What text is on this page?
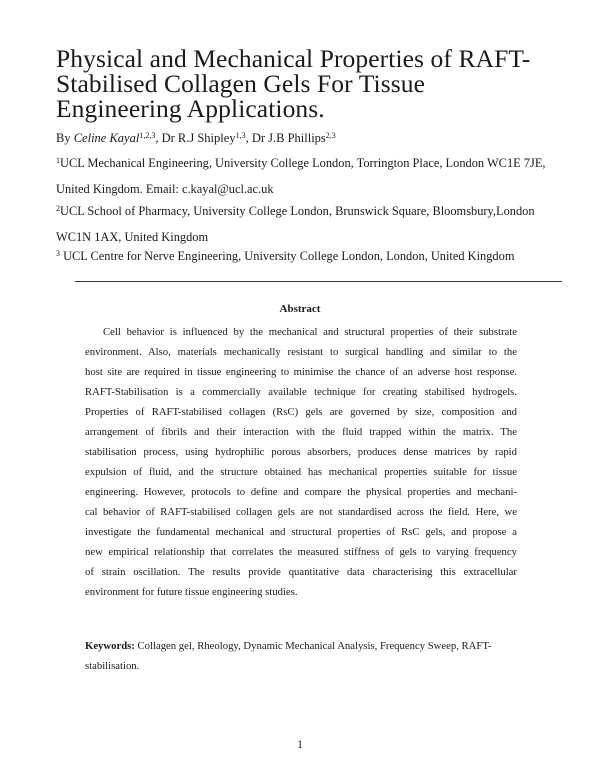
Physical and Mechanical Properties of RAFT-Stabilised Collagen Gels For Tissue Engineering Applications.
By Celine Kayal$^{1,2,3}$, Dr R.J Shipley$^{1,3}$, Dr J.B Phillips$^{2,3}$
$^1$UCL Mechanical Engineering, University College London, Torrington Place, London WC1E 7JE,
United Kingdom. Email: c.kayal@ucl.ac.uk
$^2$UCL School of Pharmacy, University College London, Brunswick Square, Bloomsbury,London
WC1N 1AX, United Kingdom
$^3$ UCL Centre for Nerve Engineering, University College London, London, United Kingdom
Abstract
Cell behavior is influenced by the mechanical and structural properties of their substrate
environment. Also, materials mechanically resistant to surgical handling and similar to the
host site are required in tissue engineering to minimise the chance of an adverse host response.
RAFT-Stabilisation is a commercially available technique for creating stabilised hydrogels.
Properties of RAFT-stabilised collagen (RsC) gels are governed by size, composition and
arrangement of fibrils and their interaction with the fluid trapped within the matrix. The
stabilisation process, using hydrophilic porous absorbers, produces dense matrices by rapid
expulsion of fluid, and the structure obtained has mechanical properties suitable for tissue
engineering. However, protocols to define and compare the physical properties and mechani-
cal behavior of RAFT-stabilised collagen gels are not standardised across the field. Here, we
investigate the fundamental mechanical and structural properties of RsC gels, and propose a
new empirical relationship that correlates the measured stiffness of gels to varying frequency
of strain oscillation. The results provide quantitative data characterising this extracellular
environment for future tissue engineering studies.
Keywords: Collagen gel, Rheology, Dynamic Mechanical Analysis, Frequency Sweep, RAFT-
stabilisation.
1
